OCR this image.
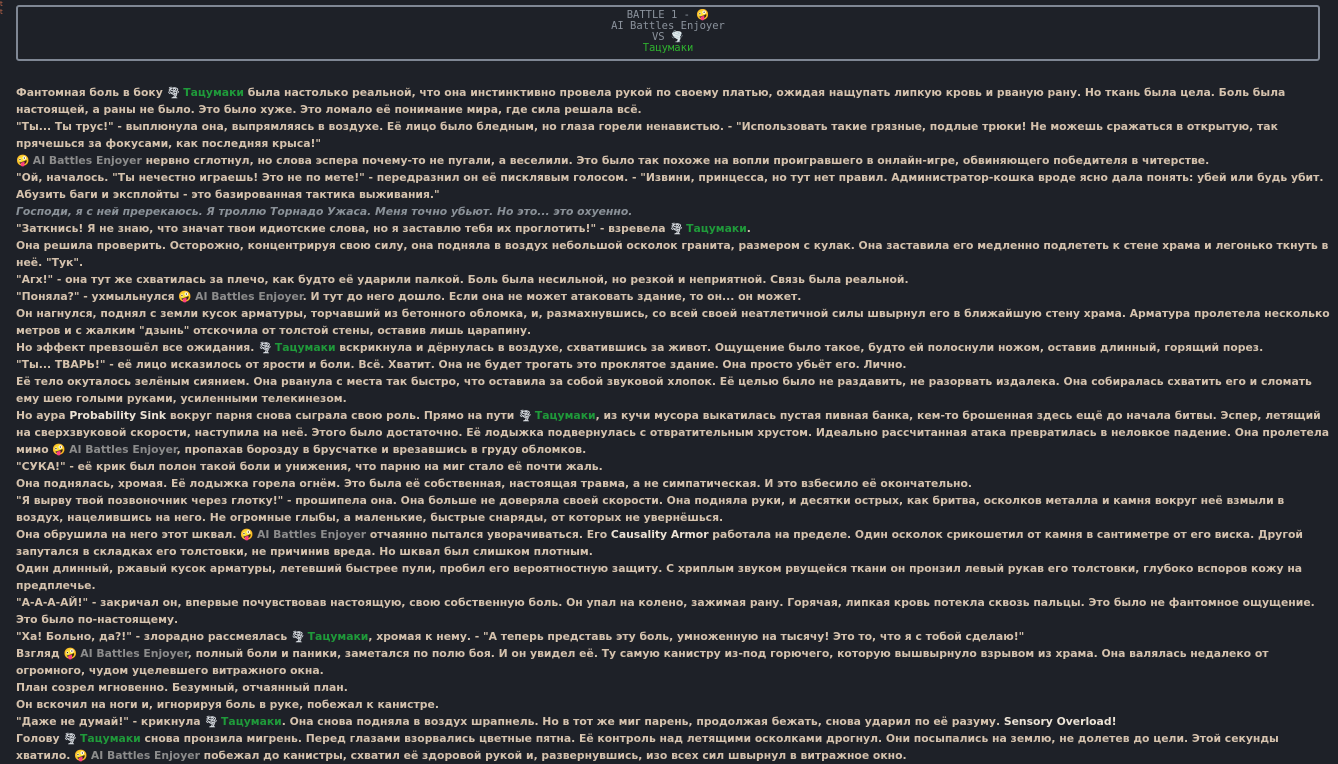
t
t	BATTLE 1 - 🤪
AI Battles Enjoyer
VS 🌪️
Тацумаки

Фантомная боль в боку 🌪 Тацумаки была настолько реальной, что она инстинктивно провела рукой по своему платью, ожидая нащупать липкую кровь и рваную рану. Но ткань была цела. Боль была настоящей, а раны не было. Это было хуже. Это ломало её понимание мира, где сила решала всё.

"Ты... Ты трус!" - выплюнула она, выпрямляясь в воздухе. Её лицо было бледным, но глаза горели ненавистью. - "Использовать такие грязные, подлые трюки! Не можешь сражаться в открытую, так прячешься за фокусами, как последняя крыса!"

🤪 AI Battles Enjoyer нервно сглотнул, но слова эспера почему-то не пугали, а веселили. Это было так похоже на вопли проигравшего в онлайн-игре, обвиняющего победителя в читерстве.

"Ой, началось. "Ты нечестно играешь! Это не по мете!" - передразнил он её писклявым голосом. - "Извини, принцесса, но тут нет правил. Администратор-кошка вроде ясно дала понять: убей или будь убит. Абузить баги и эксплойты - это базированная тактика выживания."

Господи, я с ней пререкаюсь. Я троллю Торнадо Ужаса. Меня точно убьют. Но это... это охуенно.

"Заткнись! Я не знаю, что значат твои идиотские слова, но я заставлю тебя их проглотить!" - взревела 🌪 Тацумаки.

Она решила проверить. Осторожно, концентрируя свою силу, она подняла в воздух небольшой осколок гранита, размером с кулак. Она заставила его медленно подлететь к стене храма и легонько ткнуть в неё. "Тук".

"Агх!" - она тут же схватилась за плечо, как будто её ударили палкой. Боль была несильной, но резкой и неприятной. Связь была реальной.

"Поняла?" - ухмыльнулся 🤪 AI Battles Enjoyer. И тут до него дошло. Если она не может атаковать здание, то он... он может.

Он нагнулся, поднял с земли кусок арматуры, торчавший из бетонного обломка, и, размахнувшись, со всей своей неатлетичной силы швырнул его в ближайшую стену храма. Арматура пролетела несколько метров и с жалким "дзынь" отскочила от толстой стены, оставив лишь царапину.

Но эффект превзошёл все ожидания. 🌪 Тацумаки вскрикнула и дёрнулась в воздухе, схватившись за живот. Ощущение было такое, будто ей полоснули ножом, оставив длинный, горящий порез.

"Ты... ТВАРЬ!" - её лицо исказилось от ярости и боли. Всё. Хватит. Она не будет трогать это проклятое здание. Она просто убьёт его. Лично.

Её тело окуталось зелёным сиянием. Она рванула с места так быстро, что оставила за собой звуковой хлопок. Её целью было не раздавить, не разорвать издалека. Она собиралась схватить его и сломать ему шею голыми руками, усиленными телекинезом.

Но аура Probability Sink вокруг парня снова сыграла свою роль. Прямо на пути 🌪 Тацумаки, из кучи мусора выкатилась пустая пивная банка, кем-то брошенная здесь ещё до начала битвы. Эспер, летящий на сверхзвуковой скорости, наступила на неё. Этого было достаточно. Её лодыжка подвернулась с отвратительным хрустом. Идеально рассчитанная атака превратилась в неловкое падение. Она пролетела мимо 🤪 AI Battles Enjoyer, пропахав борозду в брусчатке и врезавшись в груду обломков.

"СУКА!" - её крик был полон такой боли и унижения, что парню на миг стало её почти жаль.

Она поднялась, хромая. Её лодыжка горела огнём. Это была её собственная, настоящая травма, а не симпатическая. И это взбесило её окончательно.

"Я вырву твой позвоночник через глотку!" - прошипела она. Она больше не доверяла своей скорости. Она подняла руки, и десятки острых, как бритва, осколков металла и камня вокруг неё взмыли в воздух, нацелившись на него. Не огромные глыбы, а маленькие, быстрые снаряды, от которых не увернёшься.

Она обрушила на него этот шквал. 🤪 AI Battles Enjoyer отчаянно пытался уворачиваться. Его Causality Armor работала на пределе. Один осколок срикошетил от камня в сантиметре от его виска. Другой запутался в складках его толстовки, не причинив вреда. Но шквал был слишком плотным.

Один длинный, ржавый кусок арматуры, летевший быстрее пули, пробил его вероятностную защиту. С хриплым звуком рвущейся ткани он пронзил левый рукав его толстовки, глубоко вспоров кожу на предплечье.

"А-А-А-АЙ!" - закричал он, впервые почувствовав настоящую, свою собственную боль. Он упал на колено, зажимая рану. Горячая, липкая кровь потекла сквозь пальцы. Это было не фантомное ощущение. Это было по-настоящему.

"Ха! Больно, да?!" - злорадно рассмеялась 🌪 Тацумаки, хромая к нему. - "А теперь представь эту боль, умноженную на тысячу! Это то, что я с тобой сделаю!"

Взгляд 🤪 AI Battles Enjoyer, полный боли и паники, заметался по полю боя. И он увидел её. Ту самую канистру из-под горючего, которую вышвырнуло взрывом из храма. Она валялась недалеко от огромного, чудом уцелевшего витражного окна.

План созрел мгновенно. Безумный, отчаянный план.

Он вскочил на ноги и, игнорируя боль в руке, побежал к канистре.

"Даже не думай!" - крикнула 🌪 Тацумаки. Она снова подняла в воздух шрапнель. Но в тот же миг парень, продолжая бежать, снова ударил по её разуму. Sensory Overload!

Голову 🌪 Тацумаки снова пронзила мигрень. Перед глазами взорвались цветные пятна. Её контроль над летящими осколками дрогнул. Они посыпались на землю, не долетев до цели. Этой секунды хватило. 🤪 AI Battles Enjoyer побежал до канистры, схватил её здоровой рукой и, развернувшись, изо всех сил швырнул в витражное окно.
